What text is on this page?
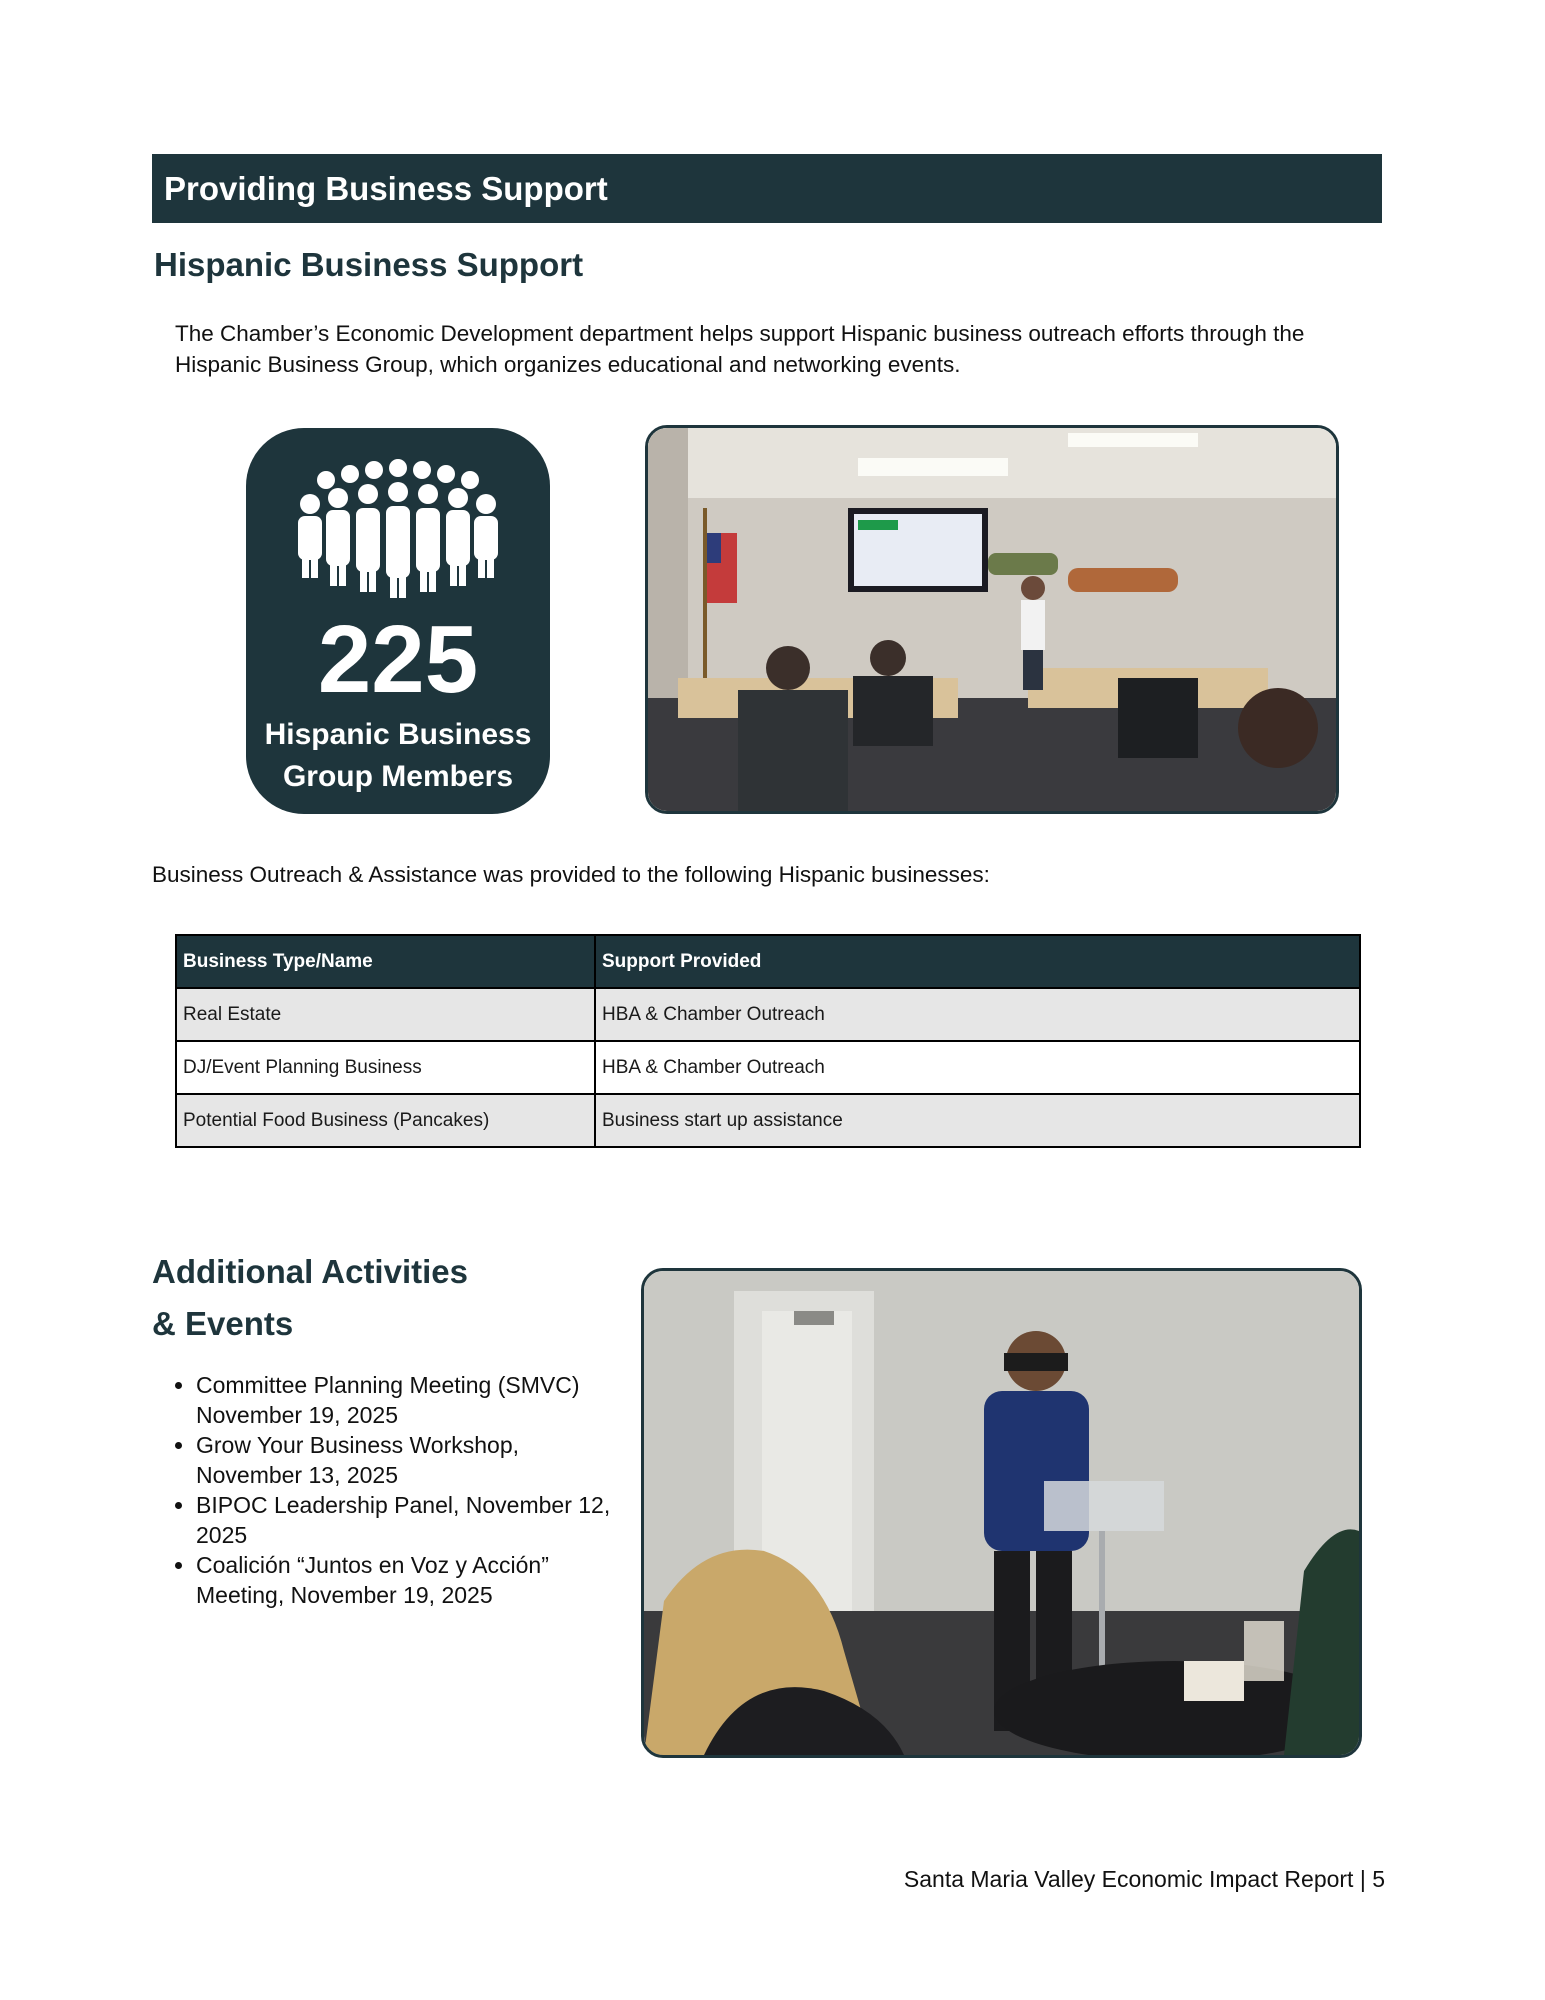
Providing Business Support
Hispanic Business Support
The Chamber’s Economic Development department helps support Hispanic business outreach efforts through the Hispanic Business Group, which organizes educational and networking events.
225
Hispanic Business
Group Members
Business Outreach & Assistance was provided to the following Hispanic businesses:
Business Type/Name	Support Provided
Real Estate	HBA & Chamber Outreach
DJ/Event Planning Business	HBA & Chamber Outreach
Potential Food Business (Pancakes)	Business start up assistance
Additional Activities
& Events
• Committee Planning Meeting (SMVC) November 19, 2025
• Grow Your Business Workshop, November 13, 2025
• BIPOC Leadership Panel, November 12, 2025
• Coalición “Juntos en Voz y Acción” Meeting, November 19, 2025
Santa Maria Valley Economic Impact Report | 5
